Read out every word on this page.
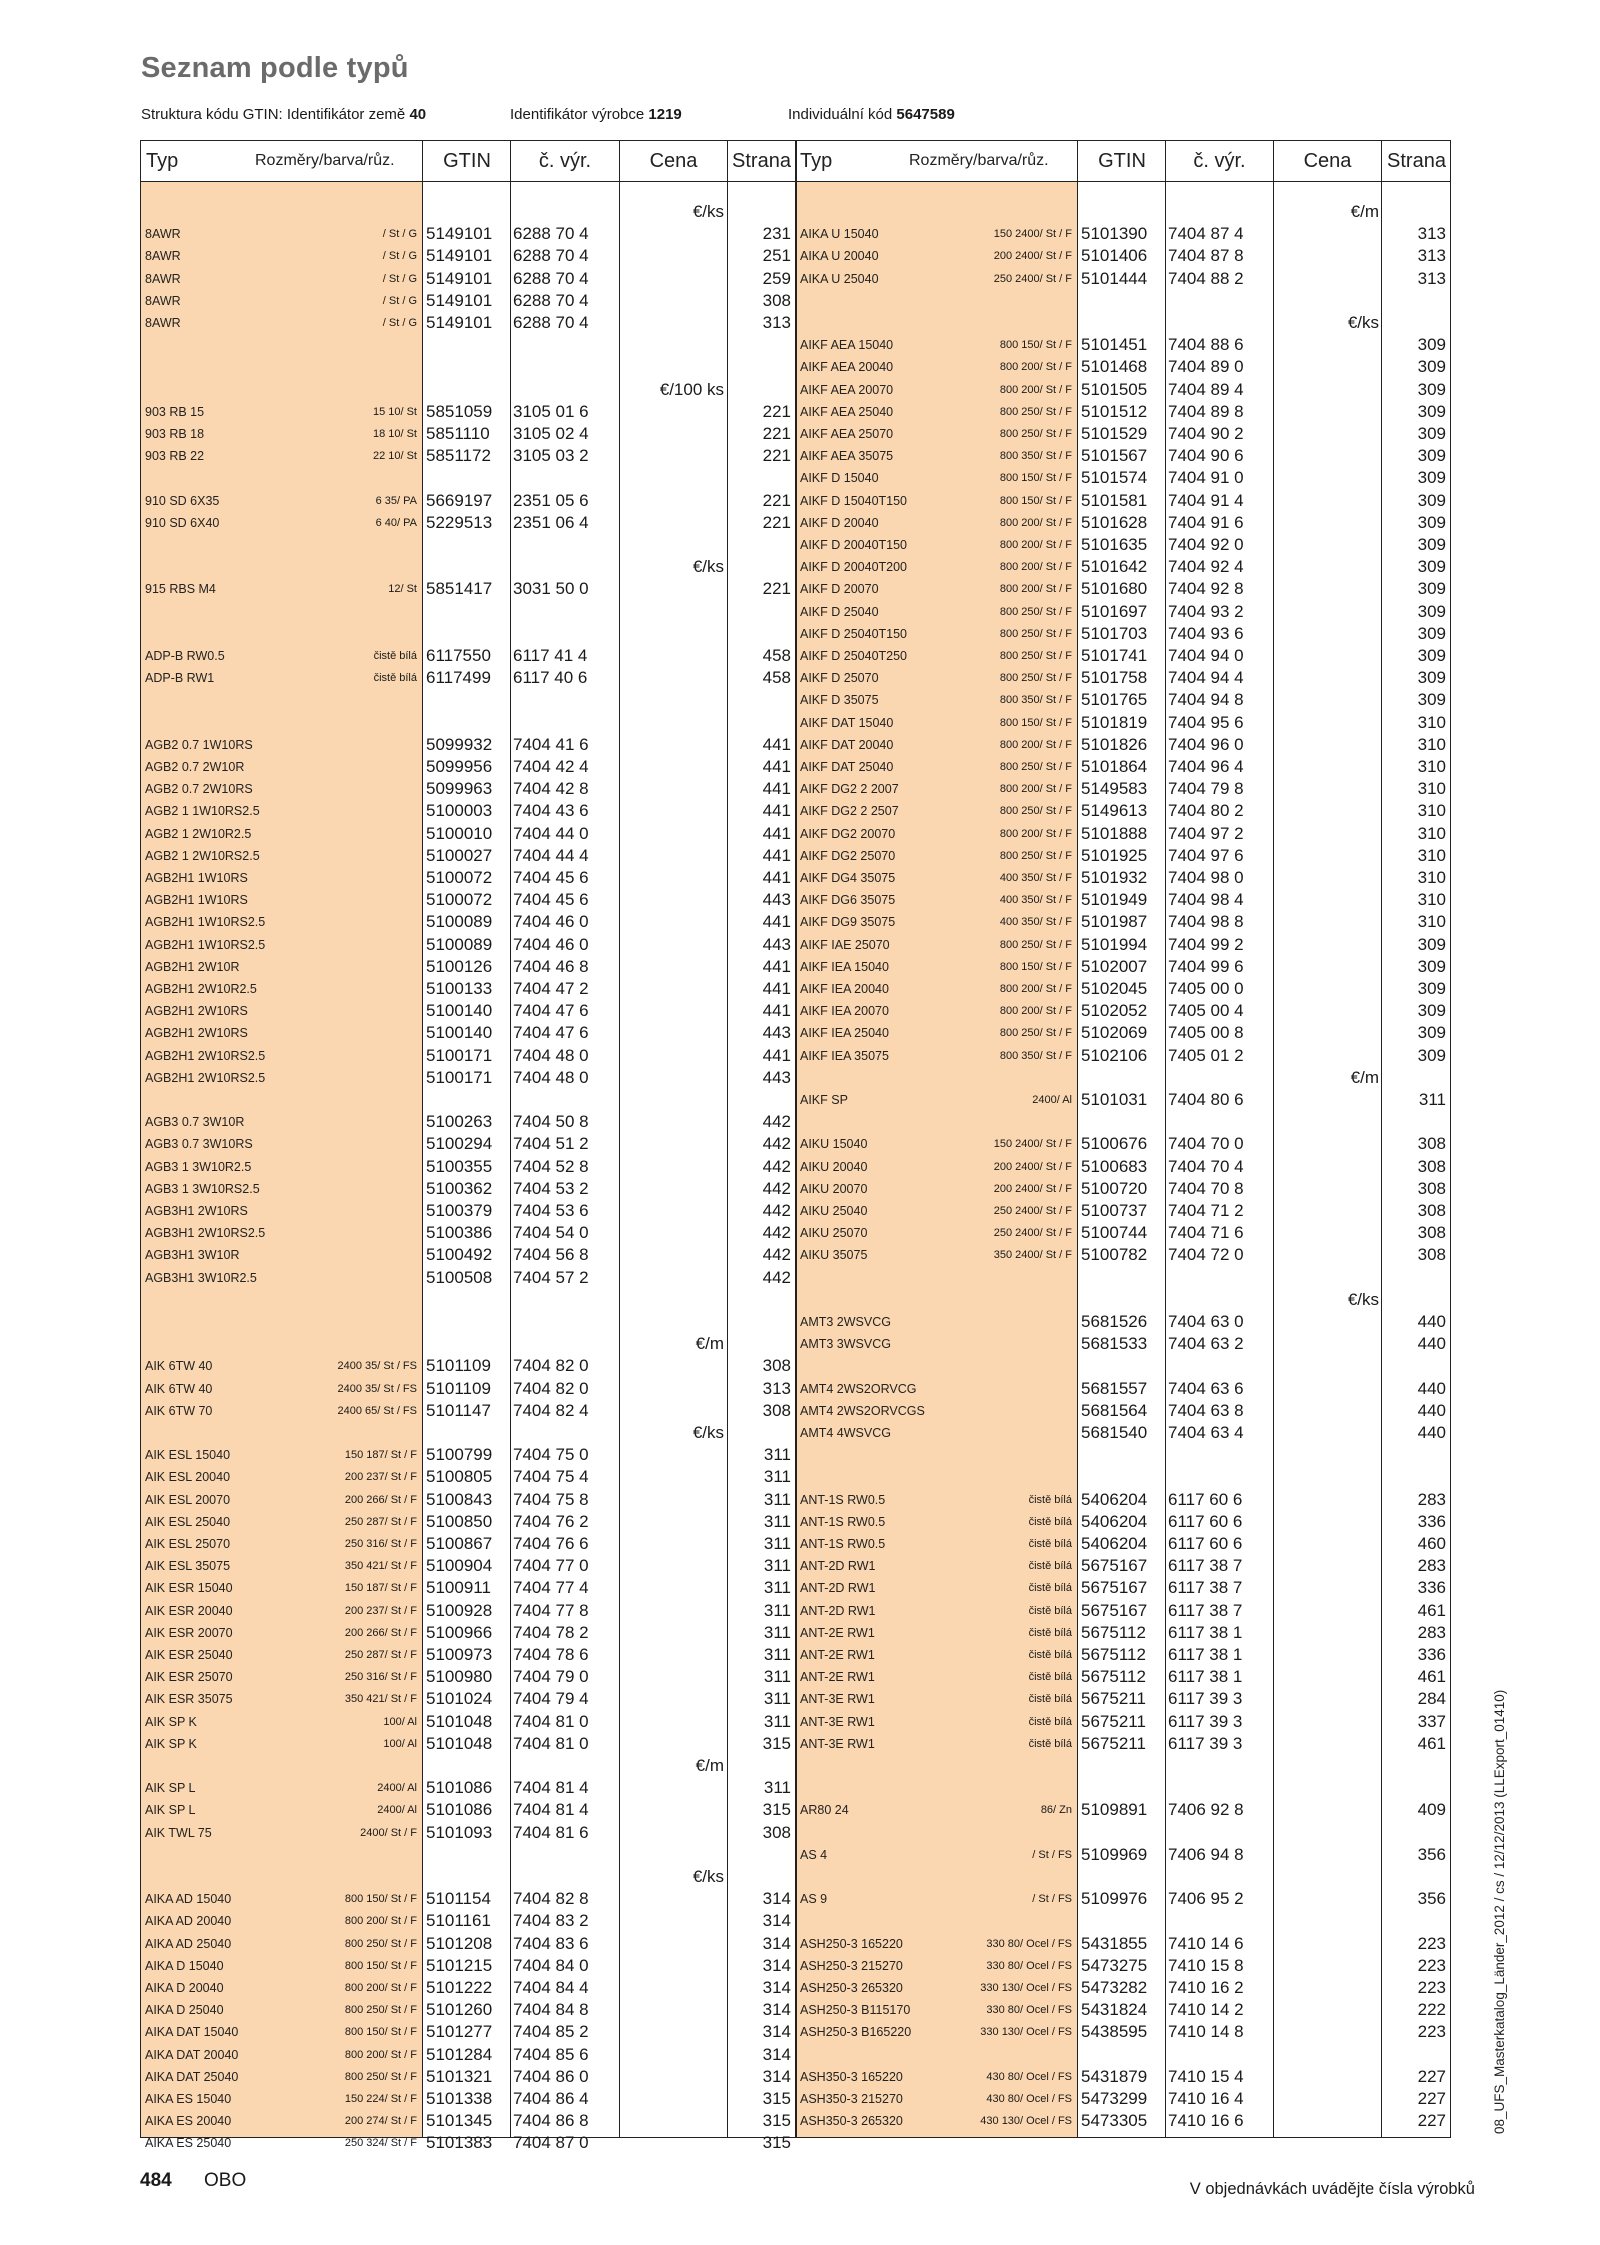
Seznam podle typů
Struktura kódu GTIN: Identifikátor země 40	Identifikátor výrobce 1219	Individuální kód 5647589
Typ	Rozměry/barva/růz.	GTIN	č. výr.	Cena	Strana Typ	Rozměry/barva/růz.	GTIN	č. výr.	Cena	Strana
8AWR	/ St / G 5149101	6288 70 4	231
8AWR	/ St / G 5149101	6288 70 4	251
8AWR	/ St / G 5149101	6288 70 4	259
8AWR	/ St / G 5149101	6288 70 4	308
8AWR	/ St / G 5149101	6288 70 4	313
903 RB 15	15 10/ St 5851059	3105 01 6	221
903 RB 18	18 10/ St 5851110	3105 02 4	221
903 RB 22	22 10/ St 5851172	3105 03 2	221
910 SD 6X35	6 35/ PA 5669197	2351 05 6	221
910 SD 6X40	6 40/ PA 5229513	2351 06 4	221
915 RBS M4	12/ St 5851417	3031 50 0	221
ADP-B RW0.5	čistě bílá 6117550	6117 41 4	458
ADP-B RW1	čistě bílá 6117499	6117 40 6	458
AGB2 0.7 1W10RS	5099932	7404 41 6	441
AGB2 0.7 2W10R	5099956	7404 42 4	441
AGB2 0.7 2W10RS	5099963	7404 42 8	441
AGB2 1 1W10RS2.5	5100003	7404 43 6	441
AGB2 1 2W10R2.5	5100010	7404 44 0	441
AGB2 1 2W10RS2.5	5100027	7404 44 4	441
AGB2H1 1W10RS	5100072	7404 45 6	441
AGB2H1 1W10RS	5100072	7404 45 6	443
AGB2H1 1W10RS2.5	5100089	7404 46 0	441
AGB2H1 1W10RS2.5	5100089	7404 46 0	443
AGB2H1 2W10R	5100126	7404 46 8	441
AGB2H1 2W10R2.5	5100133	7404 47 2	441
AGB2H1 2W10RS	5100140	7404 47 6	441
AGB2H1 2W10RS	5100140	7404 47 6	443
AGB2H1 2W10RS2.5	5100171	7404 48 0	441
AGB2H1 2W10RS2.5	5100171	7404 48 0	443
AGB3 0.7 3W10R	5100263	7404 50 8	442
AGB3 0.7 3W10RS	5100294	7404 51 2	442
AGB3 1 3W10R2.5	5100355	7404 52 8	442
AGB3 1 3W10RS2.5	5100362	7404 53 2	442
AGB3H1 2W10RS	5100379	7404 53 6	442
AGB3H1 2W10RS2.5	5100386	7404 54 0	442
AGB3H1 3W10R	5100492	7404 56 8	442
AGB3H1 3W10R2.5	5100508	7404 57 2	442
AIK 6TW 40	2400 35/ St / FS 5101109	7404 82 0	308
AIK 6TW 40	2400 35/ St / FS 5101109	7404 82 0	313
AIK 6TW 70	2400 65/ St / FS 5101147	7404 82 4	308
AIK ESL 15040	150 187/ St / F 5100799	7404 75 0	311
AIK ESL 20040	200 237/ St / F 5100805	7404 75 4	311
AIK ESL 20070	200 266/ St / F 5100843	7404 75 8	311
AIK ESL 25040	250 287/ St / F 5100850	7404 76 2	311
AIK ESL 25070	250 316/ St / F 5100867	7404 76 6	311
AIK ESL 35075	350 421/ St / F 5100904	7404 77 0	311
AIK ESR 15040	150 187/ St / F 5100911	7404 77 4	311
AIK ESR 20040	200 237/ St / F 5100928	7404 77 8	311
AIK ESR 20070	200 266/ St / F 5100966	7404 78 2	311
AIK ESR 25040	250 287/ St / F 5100973	7404 78 6	311
AIK ESR 25070	250 316/ St / F 5100980	7404 79 0	311
AIK ESR 35075	350 421/ St / F 5101024	7404 79 4	311
AIK SP K	100/ Al 5101048	7404 81 0	311
AIK SP K	100/ Al 5101048	7404 81 0	315
AIK SP L	2400/ Al 5101086	7404 81 4	311
AIK SP L	2400/ Al 5101086	7404 81 4	315
AIK TWL 75	2400/ St / F 5101093	7404 81 6	308
AIKA AD 15040	800 150/ St / F 5101154	7404 82 8	314
AIKA AD 20040	800 200/ St / F 5101161	7404 83 2	314
AIKA AD 25040	800 250/ St / F 5101208	7404 83 6	314
AIKA D 15040	800 150/ St / F 5101215	7404 84 0	314
AIKA D 20040	800 200/ St / F 5101222	7404 84 4	314
AIKA D 25040	800 250/ St / F 5101260	7404 84 8	314
AIKA DAT 15040	800 150/ St / F 5101277	7404 85 2	314
AIKA DAT 20040	800 200/ St / F 5101284	7404 85 6	314
AIKA DAT 25040	800 250/ St / F 5101321	7404 86 0	314
AIKA ES 15040	150 224/ St / F 5101338	7404 86 4	315
AIKA ES 20040	200 274/ St / F 5101345	7404 86 8	315
AIKA ES 25040	250 324/ St / F 5101383	7404 87 0	315
€/ks
€/100 ks
€/ks
€/m
€/ks
€/m
€/ks
AIKA U 15040	150 2400/ St / F 5101390	7404 87 4	313
AIKA U 20040	200 2400/ St / F 5101406	7404 87 8	313
AIKA U 25040	250 2400/ St / F 5101444	7404 88 2	313
AIKF AEA 15040	800 150/ St / F 5101451	7404 88 6	309
AIKF AEA 20040	800 200/ St / F 5101468	7404 89 0	309
AIKF AEA 20070	800 200/ St / F 5101505	7404 89 4	309
AIKF AEA 25040	800 250/ St / F 5101512	7404 89 8	309
AIKF AEA 25070	800 250/ St / F 5101529	7404 90 2	309
AIKF AEA 35075	800 350/ St / F 5101567	7404 90 6	309
AIKF D 15040	800 150/ St / F 5101574	7404 91 0	309
AIKF D 15040T150	800 150/ St / F 5101581	7404 91 4	309
AIKF D 20040	800 200/ St / F 5101628	7404 91 6	309
AIKF D 20040T150	800 200/ St / F 5101635	7404 92 0	309
AIKF D 20040T200	800 200/ St / F 5101642	7404 92 4	309
AIKF D 20070	800 200/ St / F 5101680	7404 92 8	309
AIKF D 25040	800 250/ St / F 5101697	7404 93 2	309
AIKF D 25040T150	800 250/ St / F 5101703	7404 93 6	309
AIKF D 25040T250	800 250/ St / F 5101741	7404 94 0	309
AIKF D 25070	800 250/ St / F 5101758	7404 94 4	309
AIKF D 35075	800 350/ St / F 5101765	7404 94 8	309
AIKF DAT 15040	800 150/ St / F 5101819	7404 95 6	310
AIKF DAT 20040	800 200/ St / F 5101826	7404 96 0	310
AIKF DAT 25040	800 250/ St / F 5101864	7404 96 4	310
AIKF DG2 2 2007	800 200/ St / F 5149583	7404 79 8	310
AIKF DG2 2 2507	800 250/ St / F 5149613	7404 80 2	310
AIKF DG2 20070	800 200/ St / F 5101888	7404 97 2	310
AIKF DG2 25070	800 250/ St / F 5101925	7404 97 6	310
AIKF DG4 35075	400 350/ St / F 5101932	7404 98 0	310
AIKF DG6 35075	400 350/ St / F 5101949	7404 98 4	310
AIKF DG9 35075	400 350/ St / F 5101987	7404 98 8	310
AIKF IAE 25070	800 250/ St / F 5101994	7404 99 2	309
AIKF IEA 15040	800 150/ St / F 5102007	7404 99 6	309
AIKF IEA 20040	800 200/ St / F 5102045	7405 00 0	309
AIKF IEA 20070	800 200/ St / F 5102052	7405 00 4	309
AIKF IEA 25040	800 250/ St / F 5102069	7405 00 8	309
AIKF IEA 35075	800 350/ St / F 5102106	7405 01 2	309
AIKF SP	2400/ Al 5101031	7404 80 6	311
AIKU 15040	150 2400/ St / F 5100676	7404 70 0	308
AIKU 20040	200 2400/ St / F 5100683	7404 70 4	308
AIKU 20070	200 2400/ St / F 5100720	7404 70 8	308
AIKU 25040	250 2400/ St / F 5100737	7404 71 2	308
AIKU 25070	250 2400/ St / F 5100744	7404 71 6	308
AIKU 35075	350 2400/ St / F 5100782	7404 72 0	308
AMT3 2WSVCG	5681526	7404 63 0	440
AMT3 3WSVCG	5681533	7404 63 2	440
AMT4 2WS2ORVCG	5681557	7404 63 6	440
AMT4 2WS2ORVCGS	5681564	7404 63 8	440
AMT4 4WSVCG	5681540	7404 63 4	440
ANT-1S RW0.5	čistě bílá 5406204	6117 60 6	283
ANT-1S RW0.5	čistě bílá 5406204	6117 60 6	336
ANT-1S RW0.5	čistě bílá 5406204	6117 60 6	460
ANT-2D RW1	čistě bílá 5675167	6117 38 7	283
ANT-2D RW1	čistě bílá 5675167	6117 38 7	336
ANT-2D RW1	čistě bílá 5675167	6117 38 7	461
ANT-2E RW1	čistě bílá 5675112	6117 38 1	283
ANT-2E RW1	čistě bílá 5675112	6117 38 1	336
ANT-2E RW1	čistě bílá 5675112	6117 38 1	461
ANT-3E RW1	čistě bílá 5675211	6117 39 3	284
ANT-3E RW1	čistě bílá 5675211	6117 39 3	337
ANT-3E RW1	čistě bílá 5675211	6117 39 3	461
AR80 24	86/ Zn 5109891	7406 92 8	409
AS 4	/ St / FS 5109969	7406 94 8	356
AS 9	/ St / FS 5109976	7406 95 2	356
ASH250-3 165220	330 80/ Ocel / FS 5431855	7410 14 6	223
ASH250-3 215270	330 80/ Ocel / FS 5473275	7410 15 8	223
ASH250-3 265320	330 130/ Ocel / FS 5473282	7410 16 2	223
ASH250-3 B115170	330 80/ Ocel / FS 5431824	7410 14 2	222
ASH250-3 B165220	330 130/ Ocel / FS 5438595	7410 14 8	223
ASH350-3 165220	430 80/ Ocel / FS 5431879	7410 15 4	227
ASH350-3 215270	430 80/ Ocel / FS 5473299	7410 16 4	227
ASH350-3 265320	430 130/ Ocel / FS 5473305	7410 16 6	227
€/m
€/ks
€/m
€/ks
484 OBO	V objednávkách uvádějte čísla výrobků
08_UFS_Masterkatalog_Länder_2012 / cs / 12/12/2013 (LLExport_01410)
